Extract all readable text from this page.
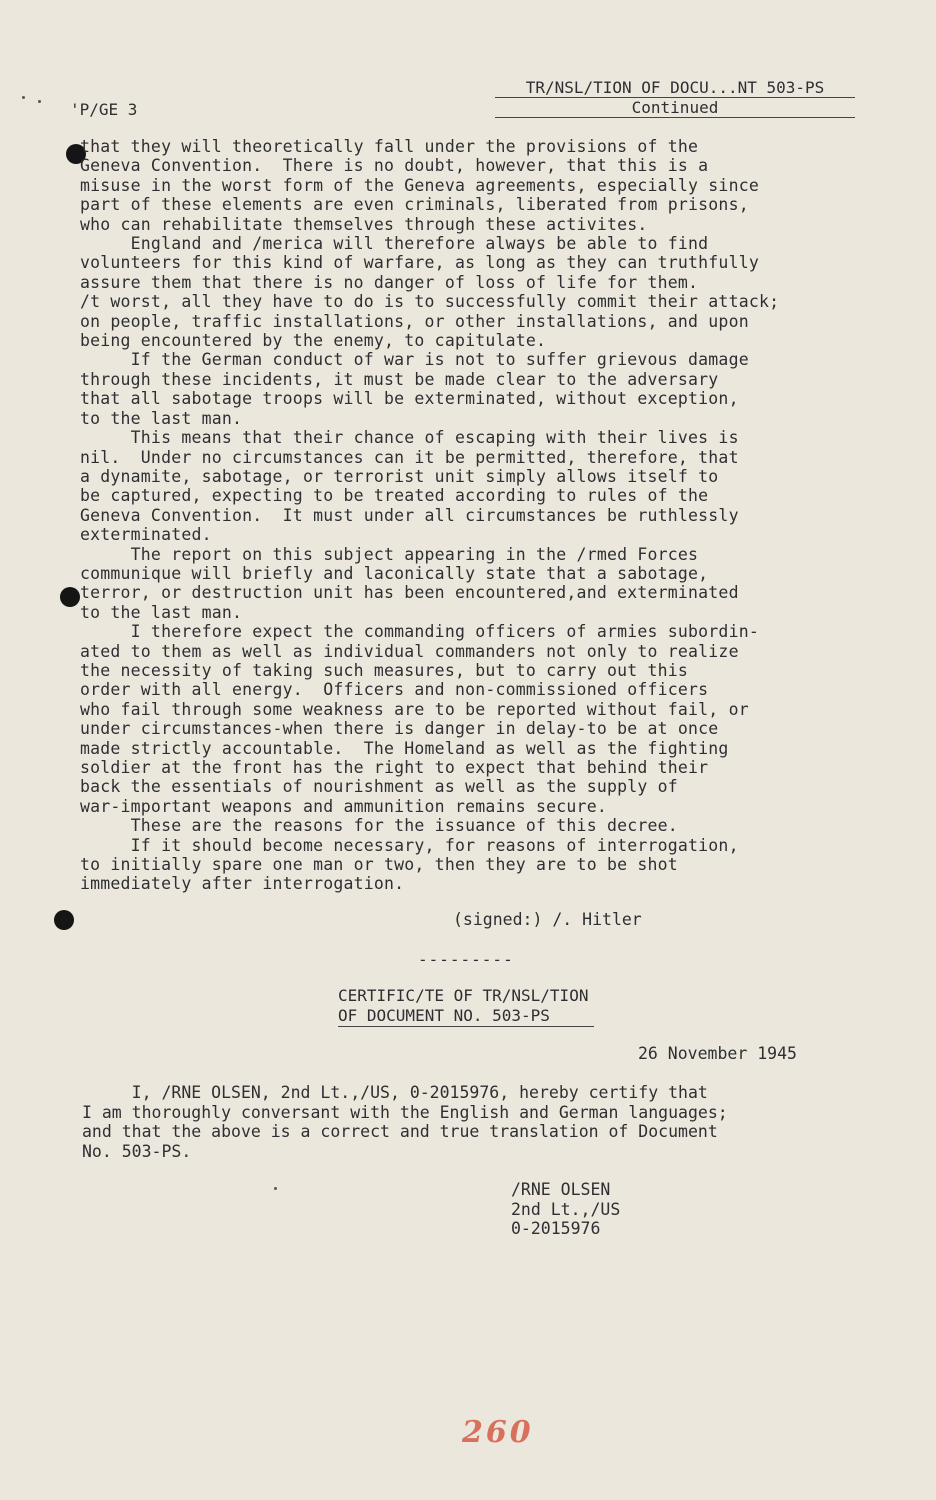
'P/GE 3
TR/NSL/TION OF DOCU...NT 503-PS
Continued
that they will theoretically fall under the provisions of the
Geneva Convention.  There is no doubt, however, that this is a
misuse in the worst form of the Geneva agreements, especially since
part of these elements are even criminals, liberated from prisons,
who can rehabilitate themselves through these activites.
England and /merica will therefore always be able to find
volunteers for this kind of warfare, as long as they can truthfully
assure them that there is no danger of loss of life for them.
/t worst, all they have to do is to successfully commit their attack;
on people, traffic installations, or other installations, and upon
being encountered by the enemy, to capitulate.
If the German conduct of war is not to suffer grievous damage
through these incidents, it must be made clear to the adversary
that all sabotage troops will be exterminated, without exception,
to the last man.
This means that their chance of escaping with their lives is
nil.  Under no circumstances can it be permitted, therefore, that
a dynamite, sabotage, or terrorist unit simply allows itself to
be captured, expecting to be treated according to rules of the
Geneva Convention.  It must under all circumstances be ruthlessly
exterminated.
The report on this subject appearing in the /rmed Forces
communique will briefly and laconically state that a sabotage,
terror, or destruction unit has been encountered,and exterminated
to the last man.
I therefore expect the commanding officers of armies subordin-
ated to them as well as individual commanders not only to realize
the necessity of taking such measures, but to carry out this
order with all energy.  Officers and non-commissioned officers
who fail through some weakness are to be reported without fail, or
under circumstances-when there is danger in delay-to be at once
made strictly accountable.  The Homeland as well as the fighting
soldier at the front has the right to expect that behind their
back the essentials of nourishment as well as the supply of
war-important weapons and ammunition remains secure.
These are the reasons for the issuance of this decree.
If it should become necessary, for reasons of interrogation,
to initially spare one man or two, then they are to be shot
immediately after interrogation.
(signed:) /. Hitler
---------
CERTIFIC/TE OF TR/NSL/TION
OF DOCUMENT NO. 503-PS
26 November 1945
I, /RNE OLSEN, 2nd Lt.,/US, 0-2015976, hereby certify that
I am thoroughly conversant with the English and German languages;
and that the above is a correct and true translation of Document
No. 503-PS.
/RNE OLSEN
2nd Lt.,/US
0-2015976
260
